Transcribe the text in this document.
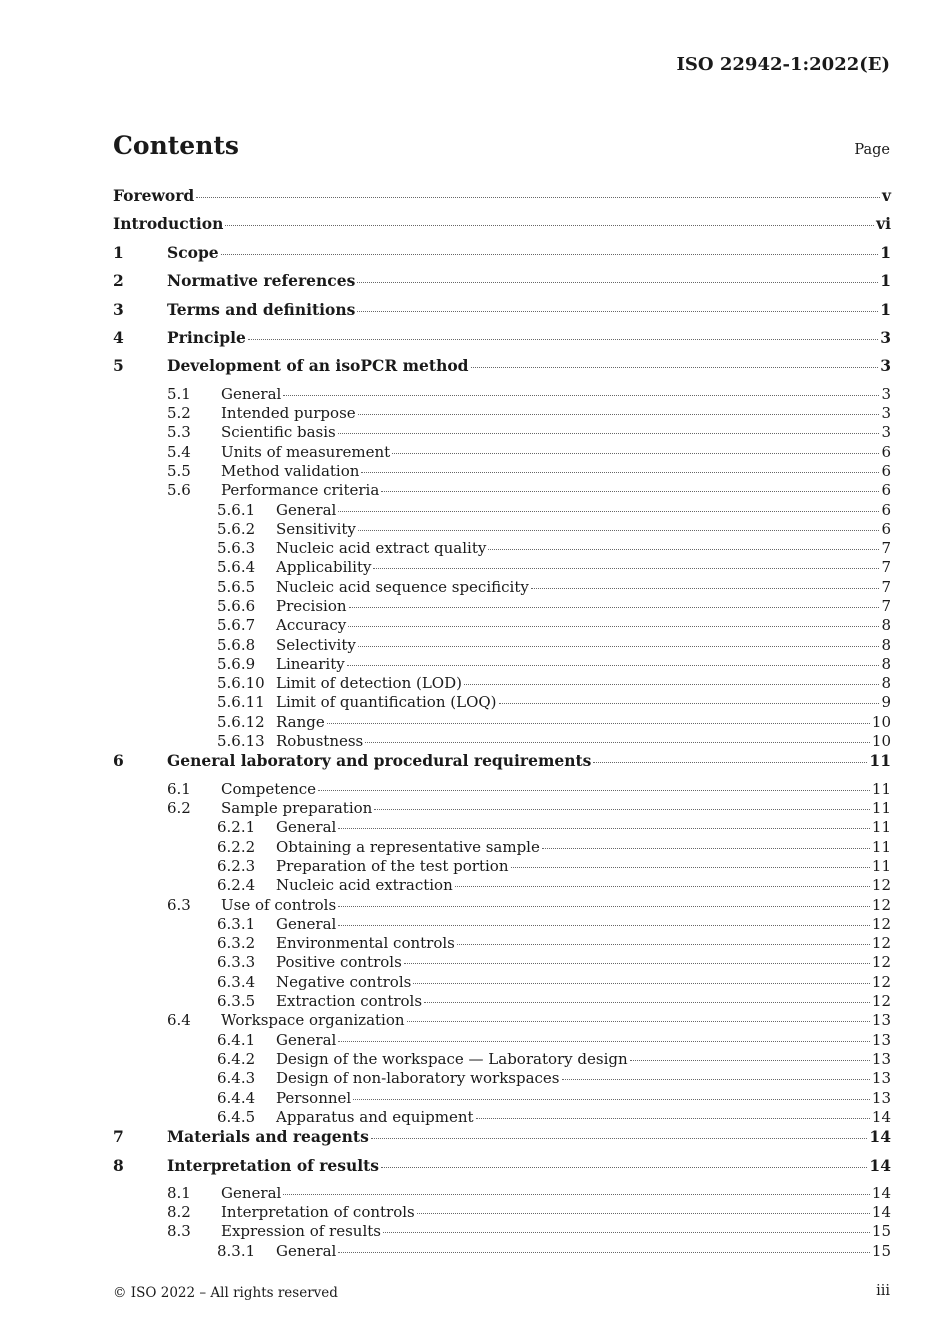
ISO 22942-1:2022(E)
Contents	Page
Foreword	v
Introduction	vi
1	Scope	1
2	Normative references	1
3	Terms and definitions	1
4	Principle	3
5	Development of an isoPCR method	3
5.1	General	3
5.2	Intended purpose	3
5.3	Scientific basis	3
5.4	Units of measurement	6
5.5	Method validation	6
5.6	Performance criteria	6
5.6.1	General	6
5.6.2	Sensitivity	6
5.6.3	Nucleic acid extract quality	7
5.6.4	Applicability	7
5.6.5	Nucleic acid sequence specificity	7
5.6.6	Precision	7
5.6.7	Accuracy	8
5.6.8	Selectivity	8
5.6.9	Linearity	8
5.6.10 Limit of detection (LOD)	8
5.6.11 Limit of quantification (LOQ)	9
5.6.12 Range	10
5.6.13 Robustness	10
6	General laboratory and procedural requirements	11
6.1	Competence	11
6.2	Sample preparation	11
6.2.1	General	11
6.2.2	Obtaining a representative sample	11
6.2.3	Preparation of the test portion	11
6.2.4	Nucleic acid extraction	12
6.3	Use of controls	12
6.3.1	General	12
6.3.2	Environmental controls	12
6.3.3	Positive controls	12
6.3.4	Negative controls	12
6.3.5	Extraction controls	12
6.4	Workspace organization	13
6.4.1	General	13
6.4.2	Design of the workspace — Laboratory design	13
6.4.3	Design of non-laboratory workspaces	13
6.4.4	Personnel	13
6.4.5	Apparatus and equipment	14
7	Materials and reagents	14
8	Interpretation of results	14
8.1	General	14
8.2	Interpretation of controls	14
8.3	Expression of results	15
8.3.1	General	15
© ISO 2022 – All rights reserved	iii
